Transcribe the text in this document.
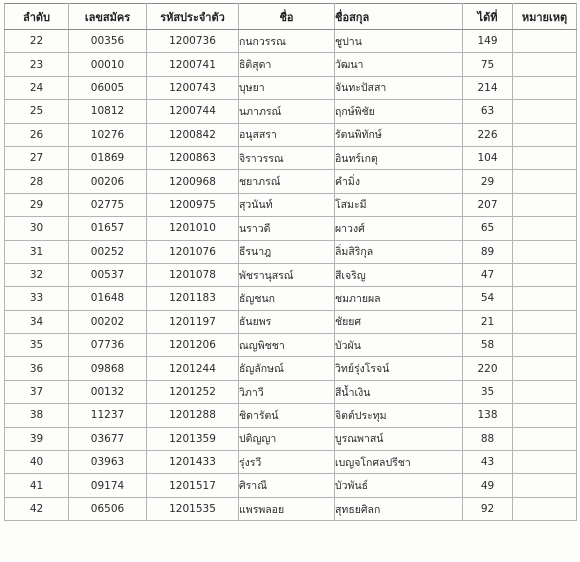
ลำดับ	เลขสมัคร	รหัสประจำตัว	ชื่อ	ชื่อสกุล	ได้ที่	หมายเหตุ
22	00356	1200736	กนกวรรณ	ชูปาน	149	
23	00010	1200741	ธิติสุดา	วัฒนา	75	
24	06005	1200743	บุษยา	จันทะปัสสา	214	
25	10812	1200744	นภาภรณ์	ฤกษ์พิชัย	63	
26	10276	1200842	อนุสสรา	รัตนพิทักษ์	226	
27	01869	1200863	จิราวรรณ	อินทร์เกตุ	104	
28	00206	1200968	ชยาภรณ์	คำมิ่ง	29	
29	02775	1200975	สุวนันท์	โสมะมี	207	
30	01657	1201010	นราวดี	ผาวงศ์	65	
31	00252	1201076	ธีรนาฎ	ลิ่มสิริกุล	89	
32	00537	1201078	พัชรานุสรณ์	สีเจริญ	47	
33	01648	1201183	ธัญชนก	ชมภายผล	54	
34	00202	1201197	ธันยพร	ชัยยศ	21	
35	07736	1201206	ณญพิชชา	บัวผัน	58	
36	09868	1201244	ธัญลักษณ์	วิทย์รุ่งโรจน์	220	
37	00132	1201252	วิภาวี	สีน้ำเงิน	35	
38	11237	1201288	ชิดารัตน์	จิตต์ประทุม	138	
39	03677	1201359	ปติญญา	บูรณพาสน์	88	
40	03963	1201433	รุ่งรวี	เบญจโกศลปรีชา	43	
41	09174	1201517	ศิราณี	บัวพันธ์	49	
42	06506	1201535	แพรพลอย	สุทธยศิลก	92	
